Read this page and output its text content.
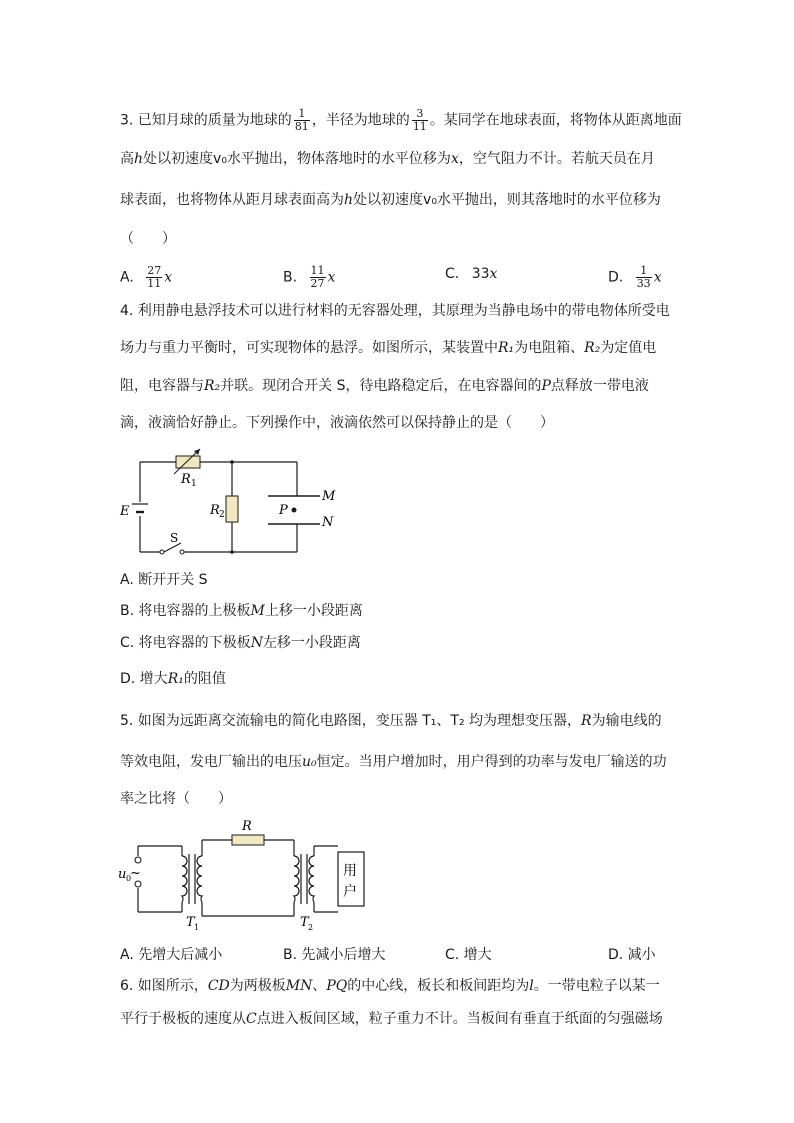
3. 已知月球的质量为地球的 $\frac{1}{81}$ ，半径为地球的 $\frac{3}{11}$ 。某同学在地球表面，将物体从距离地面
高h处以初速度v₀水平抛出，物体落地时的水平位移为x，空气阻力不计。若航天员在月
球表面，也将物体从距月球表面高为h处以初速度v₀水平抛出，则其落地时的水平位移为
（　　）
A. $\frac{27}{11}$ x	B. $\frac{11}{27}$ x	C. 33x	D. $\frac{1}{33}$ x
4. 利用静电悬浮技术可以进行材料的无容器处理，其原理为当静电场中的带电物体所受电
场力与重力平衡时，可实现物体的悬浮。如图所示，某装置中R₁为电阻箱、R₂为定值电
阻，电容器与R₂并联。现闭合开关 S，待电路稳定后，在电容器间的P点释放一带电液
滴，液滴恰好静止。下列操作中，液滴依然可以保持静止的是（　　）
E
R 1
R 2
M
N
P
S
A. 断开开关 S
B. 将电容器的上极板M上移一小段距离
C. 将电容器的下极板N左移一小段距离
D. 增大R₁的阻值
5. 如图为远距离交流输电的简化电路图，变压器 T₁、T₂ 均为理想变压器，R为输电线的
等效电阻，发电厂输出的电压u₀恒定。当用户增加时，用户得到的功率与发电厂输送的功
率之比将（　　）
R
u 0
~	用
户
T 1	T 2
A. 先增大后减小	B. 先减小后增大	C. 增大	D. 减小
6. 如图所示，CD为两极板MN、PQ的中心线，板长和板间距均为l。一带电粒子以某一
平行于极板的速度从C点进入板间区域，粒子重力不计。当板间有垂直于纸面的匀强磁场
